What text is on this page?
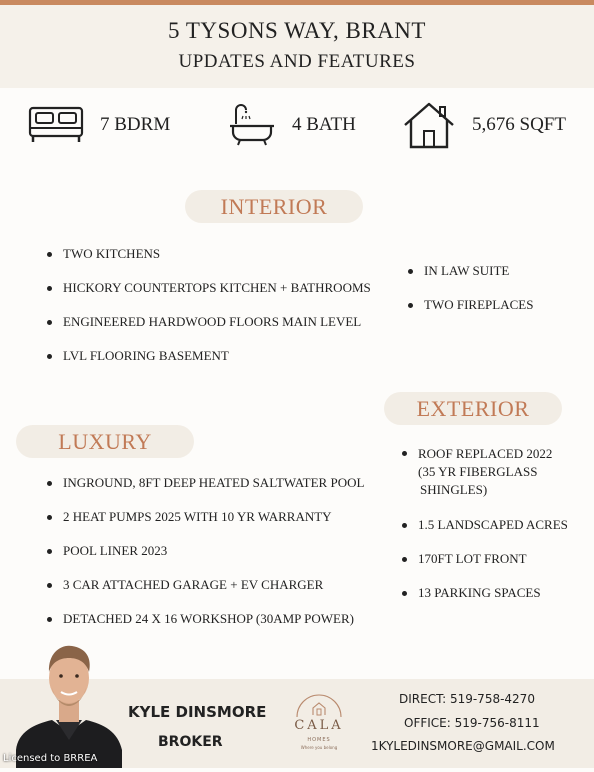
5 TYSONS WAY, BRANT
UPDATES AND FEATURES
7 BDRM	4 BATH	5,676 SQFT
INTERIOR
TWO KITCHENS
HICKORY COUNTERTOPS KITCHEN + BATHROOMS
ENGINEERED HARDWOOD FLOORS MAIN LEVEL
LVL FLOORING BASEMENT
IN LAW SUITE
TWO FIREPLACES
EXTERIOR
ROOF REPLACED 2022
(35 YR FIBERGLASS
SHINGLES)
1.5 LANDSCAPED ACRES
170FT LOT FRONT
13 PARKING SPACES
LUXURY
INGROUND, 8FT DEEP HEATED SALTWATER POOL
2 HEAT PUMPS 2025 WITH 10 YR WARRANTY
POOL LINER 2023
3 CAR ATTACHED GARAGE + EV CHARGER
DETACHED 24 X 16 WORKSHOP (30AMP POWER)
KYLE DINSMORE
BROKER
CALA
HOMES
Where you belong
DIRECT: 519-758-4270
OFFICE: 519-756-8111
1KYLEDINSMORE@GMAIL.COM
Licensed to BRREA
